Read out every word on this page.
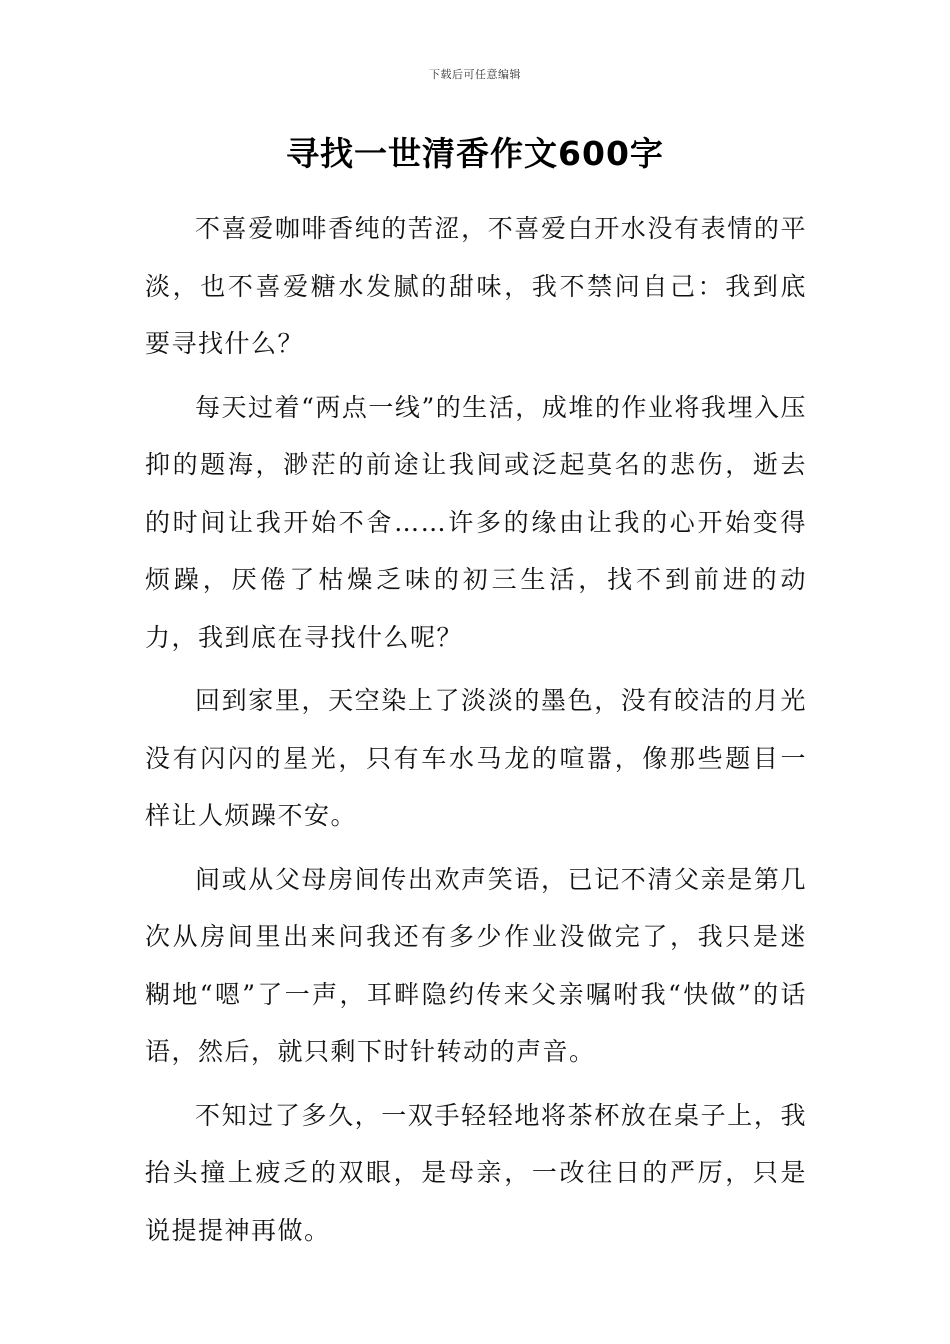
下载后可任意编辑
寻找一世清香作文600字

不喜爱咖啡香纯的苦涩，不喜爱白开水没有表情的平淡，也不喜爱糖水发腻的甜味，我不禁问自己：我到底要寻找什么？

每天过着“两点一线”的生活，成堆的作业将我埋入压抑的题海，渺茫的前途让我间或泛起莫名的悲伤，逝去的时间让我开始不舍……许多的缘由让我的心开始变得烦躁，厌倦了枯燥乏味的初三生活，找不到前进的动力，我到底在寻找什么呢？

回到家里，天空染上了淡淡的墨色，没有皎洁的月光没有闪闪的星光，只有车水马龙的喧嚣，像那些题目一样让人烦躁不安。

间或从父母房间传出欢声笑语，已记不清父亲是第几次从房间里出来问我还有多少作业没做完了，我只是迷糊地“嗯”了一声，耳畔隐约传来父亲嘱咐我“快做”的话语，然后，就只剩下时针转动的声音。

不知过了多久，一双手轻轻地将茶杯放在桌子上，我抬头撞上疲乏的双眼，是母亲，一改往日的严厉，只是说提提神再做。
